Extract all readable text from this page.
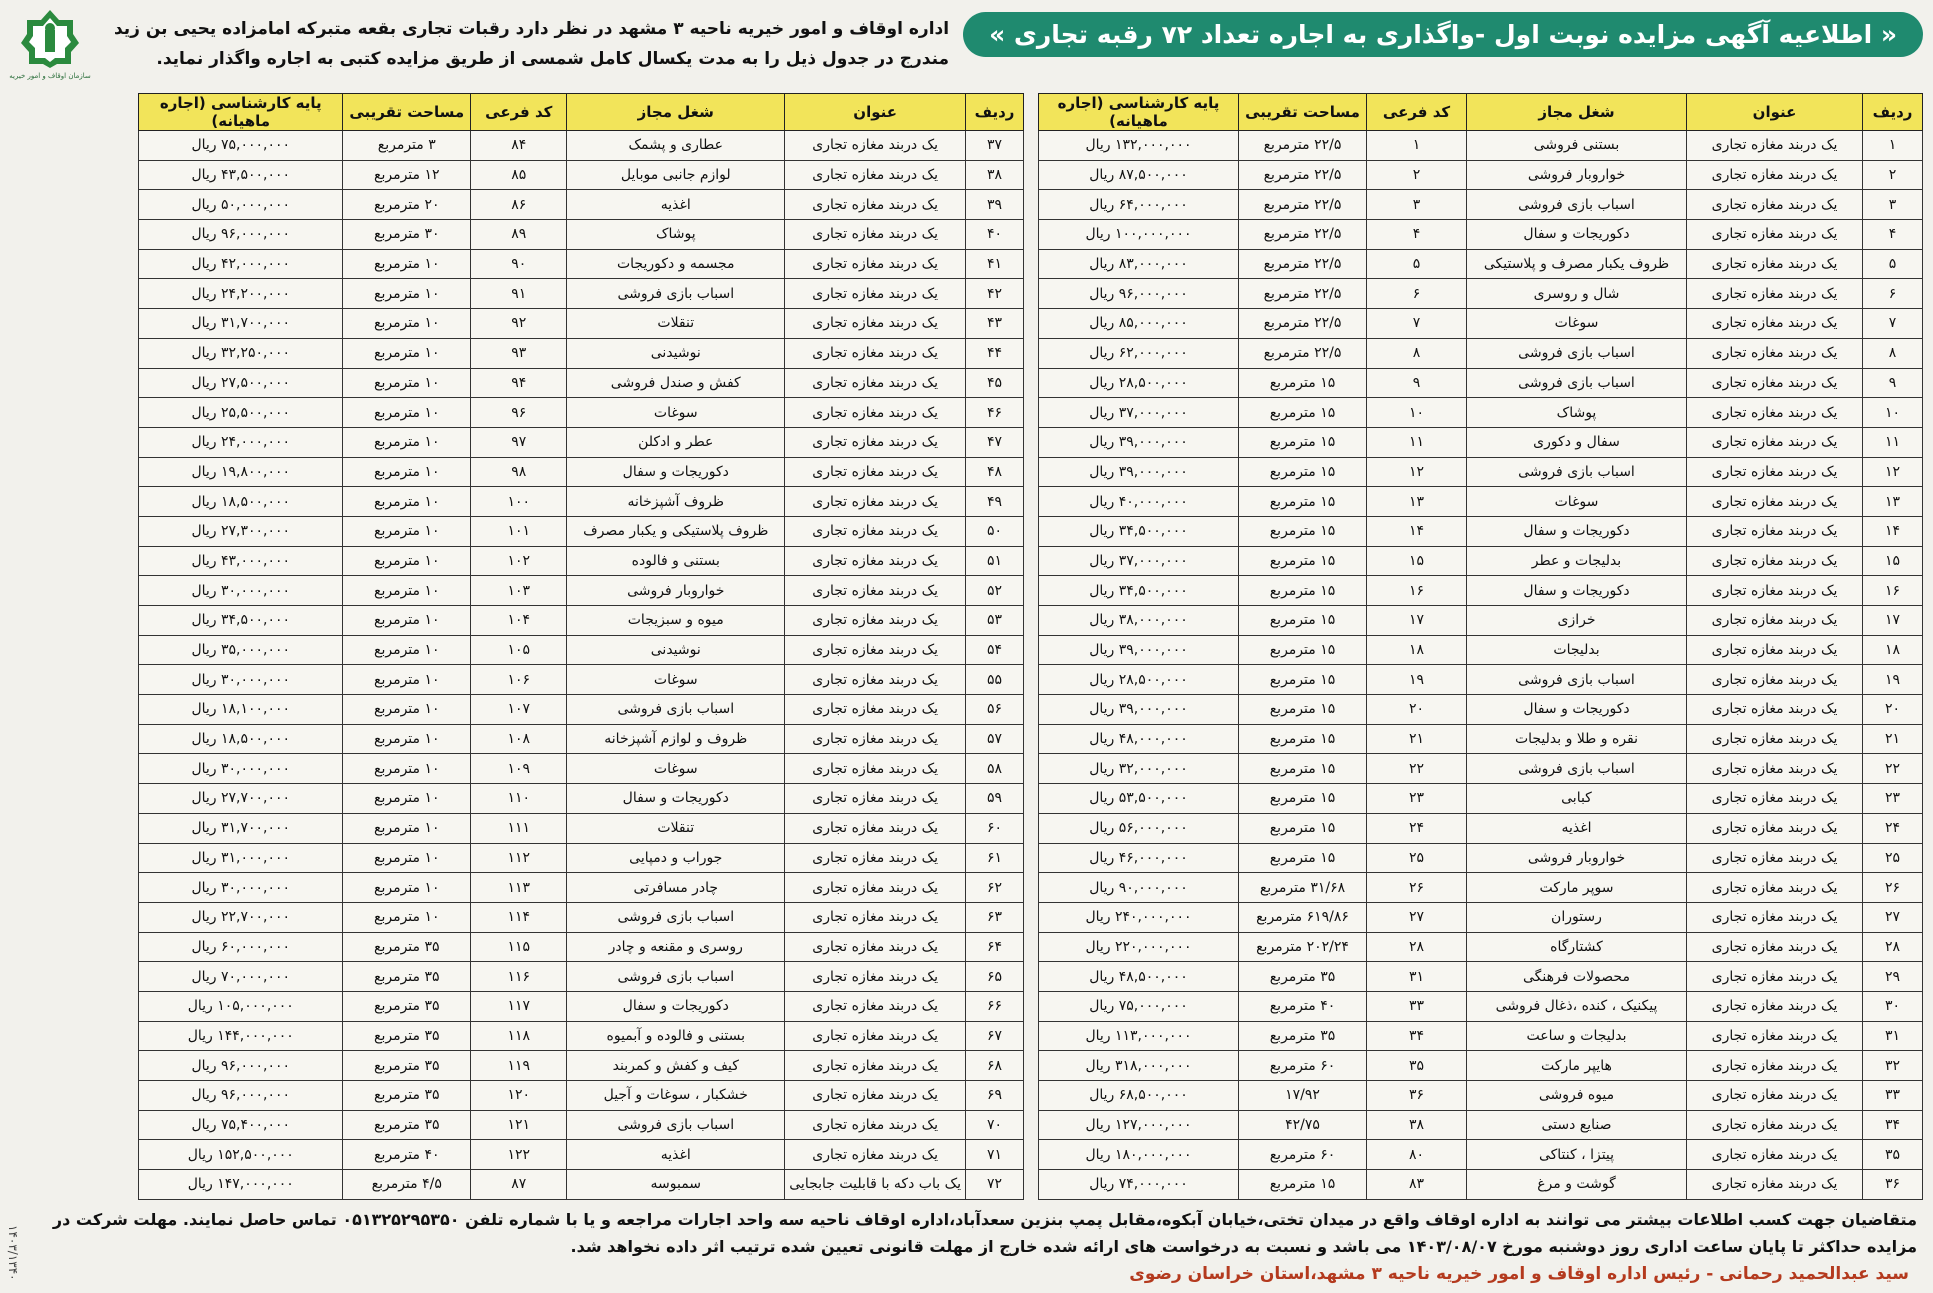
« اطلاعیه آگهی مزایده نوبت اول -واگذاری به اجاره تعداد ۷۲ رقبه تجاری »
اداره اوقاف و امور خیریه ناحیه ۳ مشهد در نظر دارد رقبات تجاری بقعه متبرکه امامزاده یحیی بن زید مندرج در جدول ذیل را به مدت یکسال کامل شمسی از طریق مزایده کتبی به اجاره واگذار نماید.
سازمان اوقاف و امور خیریه
ردیف	عنوان	شغل مجاز	کد فرعی	مساحت تقریبی	پایه کارشناسی (اجاره ماهیانه)
۱	یک دربند مغازه تجاری	بستنی فروشی	۱	۲۲/۵ مترمربع	۱۳۲,۰۰۰,۰۰۰ ریال
۲	یک دربند مغازه تجاری	خواروبار فروشی	۲	۲۲/۵ مترمربع	۸۷,۵۰۰,۰۰۰ ریال
۳	یک دربند مغازه تجاری	اسباب بازی فروشی	۳	۲۲/۵ مترمربع	۶۴,۰۰۰,۰۰۰ ریال
۴	یک دربند مغازه تجاری	دکوریجات و سفال	۴	۲۲/۵ مترمربع	۱۰۰,۰۰۰,۰۰۰ ریال
۵	یک دربند مغازه تجاری	ظروف یکبار مصرف و پلاستیکی	۵	۲۲/۵ مترمربع	۸۳,۰۰۰,۰۰۰ ریال
۶	یک دربند مغازه تجاری	شال و روسری	۶	۲۲/۵ مترمربع	۹۶,۰۰۰,۰۰۰ ریال
۷	یک دربند مغازه تجاری	سوغات	۷	۲۲/۵ مترمربع	۸۵,۰۰۰,۰۰۰ ریال
۸	یک دربند مغازه تجاری	اسباب بازی فروشی	۸	۲۲/۵ مترمربع	۶۲,۰۰۰,۰۰۰ ریال
۹	یک دربند مغازه تجاری	اسباب بازی فروشی	۹	۱۵ مترمربع	۲۸,۵۰۰,۰۰۰ ریال
۱۰	یک دربند مغازه تجاری	پوشاک	۱۰	۱۵ مترمربع	۳۷,۰۰۰,۰۰۰ ریال
۱۱	یک دربند مغازه تجاری	سفال و دکوری	۱۱	۱۵ مترمربع	۳۹,۰۰۰,۰۰۰ ریال
۱۲	یک دربند مغازه تجاری	اسباب بازی فروشی	۱۲	۱۵ مترمربع	۳۹,۰۰۰,۰۰۰ ریال
۱۳	یک دربند مغازه تجاری	سوغات	۱۳	۱۵ مترمربع	۴۰,۰۰۰,۰۰۰ ریال
۱۴	یک دربند مغازه تجاری	دکوریجات و سفال	۱۴	۱۵ مترمربع	۳۴,۵۰۰,۰۰۰ ریال
۱۵	یک دربند مغازه تجاری	بدلیجات و عطر	۱۵	۱۵ مترمربع	۳۷,۰۰۰,۰۰۰ ریال
۱۶	یک دربند مغازه تجاری	دکوریجات و سفال	۱۶	۱۵ مترمربع	۳۴,۵۰۰,۰۰۰ ریال
۱۷	یک دربند مغازه تجاری	خرازی	۱۷	۱۵ مترمربع	۳۸,۰۰۰,۰۰۰ ریال
۱۸	یک دربند مغازه تجاری	بدلیجات	۱۸	۱۵ مترمربع	۳۹,۰۰۰,۰۰۰ ریال
۱۹	یک دربند مغازه تجاری	اسباب بازی فروشی	۱۹	۱۵ مترمربع	۲۸,۵۰۰,۰۰۰ ریال
۲۰	یک دربند مغازه تجاری	دکوریجات و سفال	۲۰	۱۵ مترمربع	۳۹,۰۰۰,۰۰۰ ریال
۲۱	یک دربند مغازه تجاری	نقره و طلا و بدلیجات	۲۱	۱۵ مترمربع	۴۸,۰۰۰,۰۰۰ ریال
۲۲	یک دربند مغازه تجاری	اسباب بازی فروشی	۲۲	۱۵ مترمربع	۳۲,۰۰۰,۰۰۰ ریال
۲۳	یک دربند مغازه تجاری	کبابی	۲۳	۱۵ مترمربع	۵۳,۵۰۰,۰۰۰ ریال
۲۴	یک دربند مغازه تجاری	اغذیه	۲۴	۱۵ مترمربع	۵۶,۰۰۰,۰۰۰ ریال
۲۵	یک دربند مغازه تجاری	خواروبار فروشی	۲۵	۱۵ مترمربع	۴۶,۰۰۰,۰۰۰ ریال
۲۶	یک دربند مغازه تجاری	سوپر مارکت	۲۶	۳۱/۶۸ مترمربع	۹۰,۰۰۰,۰۰۰ ریال
۲۷	یک دربند مغازه تجاری	رستوران	۲۷	۶۱۹/۸۶ مترمربع	۲۴۰,۰۰۰,۰۰۰ ریال
۲۸	یک دربند مغازه تجاری	کشتارگاه	۲۸	۲۰۲/۲۴ مترمربع	۲۲۰,۰۰۰,۰۰۰ ریال
۲۹	یک دربند مغازه تجاری	محصولات فرهنگی	۳۱	۳۵ مترمربع	۴۸,۵۰۰,۰۰۰ ریال
۳۰	یک دربند مغازه تجاری	پیکنیک ، کنده ،ذغال فروشی	۳۳	۴۰ مترمربع	۷۵,۰۰۰,۰۰۰ ریال
۳۱	یک دربند مغازه تجاری	بدلیجات و ساعت	۳۴	۳۵ مترمربع	۱۱۳,۰۰۰,۰۰۰ ریال
۳۲	یک دربند مغازه تجاری	هایپر مارکت	۳۵	۶۰ مترمربع	۳۱۸,۰۰۰,۰۰۰ ریال
۳۳	یک دربند مغازه تجاری	میوه فروشی	۳۶	۱۷/۹۲	۶۸,۵۰۰,۰۰۰ ریال
۳۴	یک دربند مغازه تجاری	صنایع دستی	۳۸	۴۲/۷۵	۱۲۷,۰۰۰,۰۰۰ ریال
۳۵	یک دربند مغازه تجاری	پیتزا ، کنتاکی	۸۰	۶۰ مترمربع	۱۸۰,۰۰۰,۰۰۰ ریال
۳۶	یک دربند مغازه تجاری	گوشت و مرغ	۸۳	۱۵ مترمربع	۷۴,۰۰۰,۰۰۰ ریال
ردیف	عنوان	شغل مجاز	کد فرعی	مساحت تقریبی	پایه کارشناسی (اجاره ماهیانه)
۳۷	یک دربند مغازه تجاری	عطاری و پشمک	۸۴	۳ مترمربع	۷۵,۰۰۰,۰۰۰ ریال
۳۸	یک دربند مغازه تجاری	لوازم جانبی موبایل	۸۵	۱۲ مترمربع	۴۳,۵۰۰,۰۰۰ ریال
۳۹	یک دربند مغازه تجاری	اغذیه	۸۶	۲۰ مترمربع	۵۰,۰۰۰,۰۰۰ ریال
۴۰	یک دربند مغازه تجاری	پوشاک	۸۹	۳۰ مترمربع	۹۶,۰۰۰,۰۰۰ ریال
۴۱	یک دربند مغازه تجاری	مجسمه و دکوریجات	۹۰	۱۰ مترمربع	۴۲,۰۰۰,۰۰۰ ریال
۴۲	یک دربند مغازه تجاری	اسباب بازی فروشی	۹۱	۱۰ مترمربع	۲۴,۲۰۰,۰۰۰ ریال
۴۳	یک دربند مغازه تجاری	تنقلات	۹۲	۱۰ مترمربع	۳۱,۷۰۰,۰۰۰ ریال
۴۴	یک دربند مغازه تجاری	نوشیدنی	۹۳	۱۰ مترمربع	۳۲,۲۵۰,۰۰۰ ریال
۴۵	یک دربند مغازه تجاری	کفش و صندل فروشی	۹۴	۱۰ مترمربع	۲۷,۵۰۰,۰۰۰ ریال
۴۶	یک دربند مغازه تجاری	سوغات	۹۶	۱۰ مترمربع	۲۵,۵۰۰,۰۰۰ ریال
۴۷	یک دربند مغازه تجاری	عطر و ادکلن	۹۷	۱۰ مترمربع	۲۴,۰۰۰,۰۰۰ ریال
۴۸	یک دربند مغازه تجاری	دکوریجات و سفال	۹۸	۱۰ مترمربع	۱۹,۸۰۰,۰۰۰ ریال
۴۹	یک دربند مغازه تجاری	ظروف آشپزخانه	۱۰۰	۱۰ مترمربع	۱۸,۵۰۰,۰۰۰ ریال
۵۰	یک دربند مغازه تجاری	ظروف پلاستیکی و یکبار مصرف	۱۰۱	۱۰ مترمربع	۲۷,۳۰۰,۰۰۰ ریال
۵۱	یک دربند مغازه تجاری	بستنی و فالوده	۱۰۲	۱۰ مترمربع	۴۳,۰۰۰,۰۰۰ ریال
۵۲	یک دربند مغازه تجاری	خواروبار فروشی	۱۰۳	۱۰ مترمربع	۳۰,۰۰۰,۰۰۰ ریال
۵۳	یک دربند مغازه تجاری	میوه و سبزیجات	۱۰۴	۱۰ مترمربع	۳۴,۵۰۰,۰۰۰ ریال
۵۴	یک دربند مغازه تجاری	نوشیدنی	۱۰۵	۱۰ مترمربع	۳۵,۰۰۰,۰۰۰ ریال
۵۵	یک دربند مغازه تجاری	سوغات	۱۰۶	۱۰ مترمربع	۳۰,۰۰۰,۰۰۰ ریال
۵۶	یک دربند مغازه تجاری	اسباب بازی فروشی	۱۰۷	۱۰ مترمربع	۱۸,۱۰۰,۰۰۰ ریال
۵۷	یک دربند مغازه تجاری	ظروف و لوازم آشپزخانه	۱۰۸	۱۰ مترمربع	۱۸,۵۰۰,۰۰۰ ریال
۵۸	یک دربند مغازه تجاری	سوغات	۱۰۹	۱۰ مترمربع	۳۰,۰۰۰,۰۰۰ ریال
۵۹	یک دربند مغازه تجاری	دکوریجات و سفال	۱۱۰	۱۰ مترمربع	۲۷,۷۰۰,۰۰۰ ریال
۶۰	یک دربند مغازه تجاری	تنقلات	۱۱۱	۱۰ مترمربع	۳۱,۷۰۰,۰۰۰ ریال
۶۱	یک دربند مغازه تجاری	جوراب و دمپایی	۱۱۲	۱۰ مترمربع	۳۱,۰۰۰,۰۰۰ ریال
۶۲	یک دربند مغازه تجاری	چادر مسافرتی	۱۱۳	۱۰ مترمربع	۳۰,۰۰۰,۰۰۰ ریال
۶۳	یک دربند مغازه تجاری	اسباب بازی فروشی	۱۱۴	۱۰ مترمربع	۲۲,۷۰۰,۰۰۰ ریال
۶۴	یک دربند مغازه تجاری	روسری و مقنعه و چادر	۱۱۵	۳۵ مترمربع	۶۰,۰۰۰,۰۰۰ ریال
۶۵	یک دربند مغازه تجاری	اسباب بازی فروشی	۱۱۶	۳۵ مترمربع	۷۰,۰۰۰,۰۰۰ ریال
۶۶	یک دربند مغازه تجاری	دکوریجات و سفال	۱۱۷	۳۵ مترمربع	۱۰۵,۰۰۰,۰۰۰ ریال
۶۷	یک دربند مغازه تجاری	بستنی و فالوده و آبمیوه	۱۱۸	۳۵ مترمربع	۱۴۴,۰۰۰,۰۰۰ ریال
۶۸	یک دربند مغازه تجاری	کیف و کفش و کمربند	۱۱۹	۳۵ مترمربع	۹۶,۰۰۰,۰۰۰ ریال
۶۹	یک دربند مغازه تجاری	خشکبار ، سوغات و آجیل	۱۲۰	۳۵ مترمربع	۹۶,۰۰۰,۰۰۰ ریال
۷۰	یک دربند مغازه تجاری	اسباب بازی فروشی	۱۲۱	۳۵ مترمربع	۷۵,۴۰۰,۰۰۰ ریال
۷۱	یک دربند مغازه تجاری	اغذیه	۱۲۲	۴۰ مترمربع	۱۵۲,۵۰۰,۰۰۰ ریال
۷۲	یک باب دکه با قابلیت جابجایی	سمبوسه	۸۷	۴/۵ مترمربع	۱۴۷,۰۰۰,۰۰۰ ریال
متقاضیان جهت کسب اطلاعات بیشتر می توانند به اداره اوقاف واقع در میدان تختی،خیابان آبکوه،مقابل پمپ بنزین سعدآباد،اداره اوقاف ناحیه سه واحد اجارات مراجعه و یا با شماره تلفن ۰۵۱۳۲۵۲۹۵۳۵۰ تماس حاصل نمایند. مهلت شرکت در مزایده حداکثر تا پایان ساعت اداری روز دوشنبه مورخ ۱۴۰۳/۰۸/۰۷ می باشد و نسبت به درخواست های ارائه شده خارج از مهلت قانونی تعیین شده ترتیب اثر داده نخواهد شد.
سید عبدالحمید رحمانی - رئیس اداره اوقاف و امور خیریه ناحیه ۳ مشهد،استان خراسان رضوی
۱۴۰۳/۱۳۴۰
